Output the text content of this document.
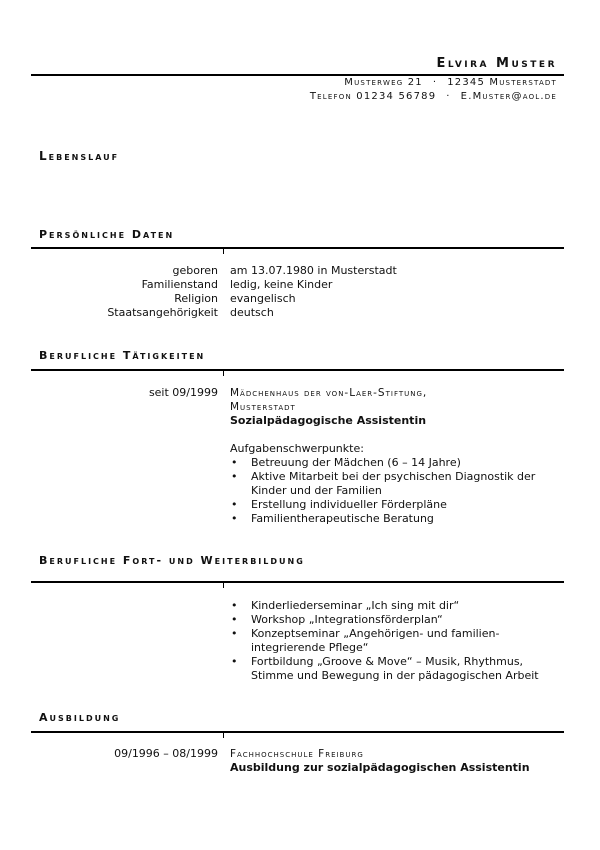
Elvira Muster
Musterweg 21 · 12345 Musterstadt
Telefon 01234 56789 · E.Muster@aol.de
Lebenslauf
Persönliche Daten
geboren am 13.07.1980 in Musterstadt
Familienstand ledig, keine Kinder
Religion evangelisch
Staatsangehörigkeit deutsch
Berufliche Tätigkeiten
seit 09/1999 Mädchenhaus der von-Laer-Stiftung,
Musterstadt
Sozialpädagogische Assistentin
Aufgabenschwerpunkte:
• Betreuung der Mädchen (6 – 14 Jahre)
• Aktive Mitarbeit bei der psychischen Diagnostik der
Kinder und der Familien
• Erstellung individueller Förderpläne
• Familientherapeutische Beratung
Berufliche Fort- und Weiterbildung
• Kinderliederseminar „Ich sing mit dir“
• Workshop „Integrationsförderplan“
• Konzeptseminar „Angehörigen- und familien-
integrierende Pflege“
• Fortbildung „Groove & Move“ – Musik, Rhythmus,
Stimme und Bewegung in der pädagogischen Arbeit
Ausbildung
09/1996 – 08/1999 Fachhochschule Freiburg
Ausbildung zur sozialpädagogischen Assistentin
